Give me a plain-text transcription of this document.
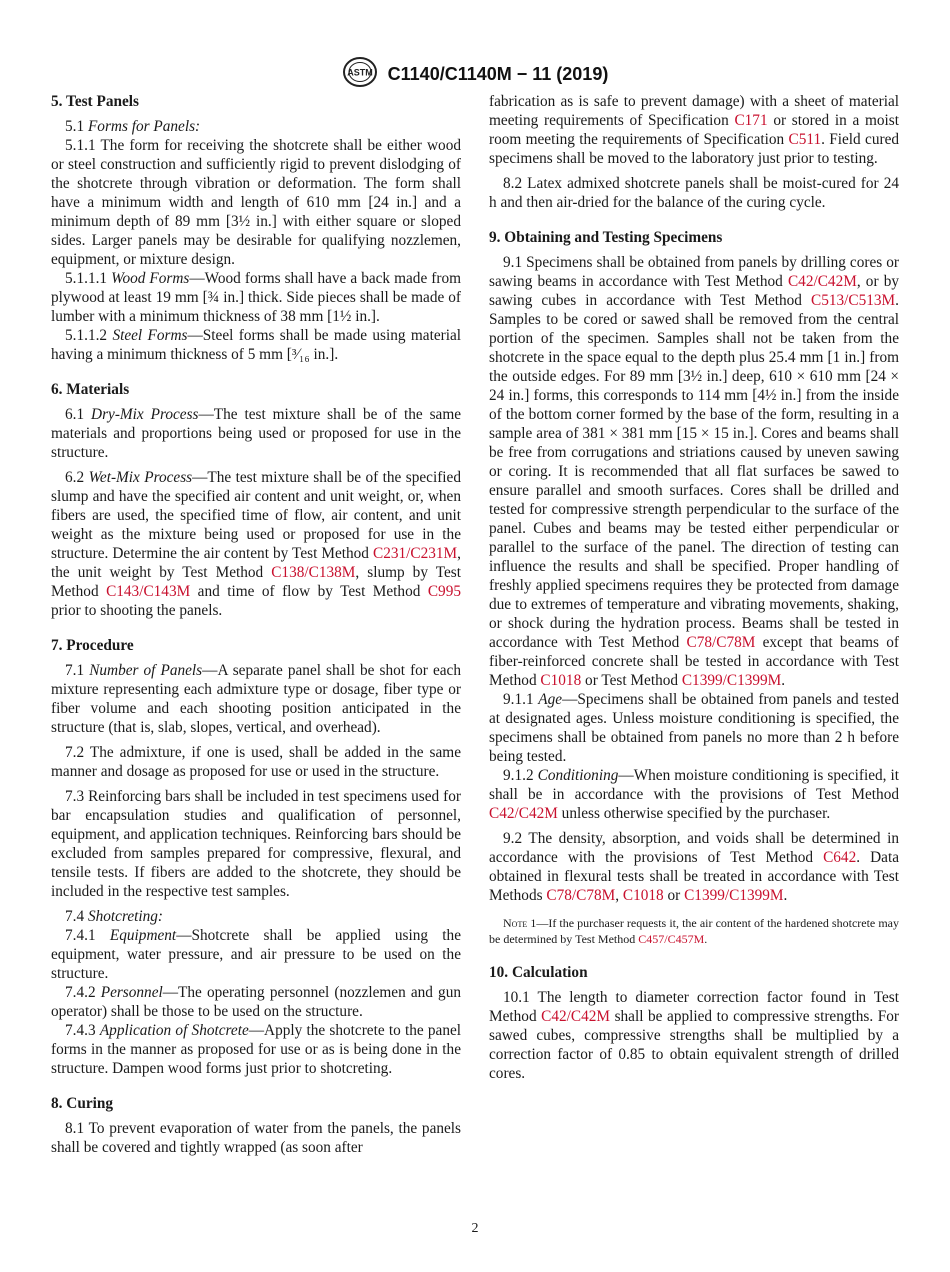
ASTM C1140/C1140M − 11 (2019)
5. Test Panels

5.1 Forms for Panels:

5.1.1 The form for receiving the shotcrete shall be either wood or steel construction and sufficiently rigid to prevent dislodging of the shotcrete through vibration or deformation. The form shall have a minimum width and length of 610 mm [24 in.] and a minimum depth of 89 mm [3½ in.] with either square or sloped sides. Larger panels may be desirable for qualifying nozzlemen, equipment, or mixture design.

5.1.1.1 Wood Forms—Wood forms shall have a back made from plywood at least 19 mm [¾ in.] thick. Side pieces shall be made of lumber with a minimum thickness of 38 mm [1½ in.].

5.1.1.2 Steel Forms—Steel forms shall be made using material having a minimum thickness of 5 mm [³⁄₁₆ in.].

6. Materials

6.1 Dry-Mix Process—The test mixture shall be of the same materials and proportions being used or proposed for use in the structure.

6.2 Wet-Mix Process—The test mixture shall be of the specified slump and have the specified air content and unit weight, or, when fibers are used, the specified time of flow, air content, and unit weight as the mixture being used or proposed for use in the structure. Determine the air content by Test Method C231/C231M, the unit weight by Test Method C138/C138M, slump by Test Method C143/C143M and time of flow by Test Method C995 prior to shooting the panels.

7. Procedure

7.1 Number of Panels—A separate panel shall be shot for each mixture representing each admixture type or dosage, fiber type or fiber volume and each shooting position anticipated in the structure (that is, slab, slopes, vertical, and overhead).

7.2 The admixture, if one is used, shall be added in the same manner and dosage as proposed for use or used in the structure.

7.3 Reinforcing bars shall be included in test specimens used for bar encapsulation studies and qualification of personnel, equipment, and application techniques. Reinforcing bars should be excluded from samples prepared for compressive, flexural, and tensile tests. If fibers are added to the shotcrete, they should be included in the respective test samples.

7.4 Shotcreting:

7.4.1 Equipment—Shotcrete shall be applied using the equipment, water pressure, and air pressure to be used on the structure.

7.4.2 Personnel—The operating personnel (nozzlemen and gun operator) shall be those to be used on the structure.

7.4.3 Application of Shotcrete—Apply the shotcrete to the panel forms in the manner as proposed for use or as is being done in the structure. Dampen wood forms just prior to shotcreting.

8. Curing

8.1 To prevent evaporation of water from the panels, the panels shall be covered and tightly wrapped (as soon after

fabrication as is safe to prevent damage) with a sheet of material meeting requirements of Specification C171 or stored in a moist room meeting the requirements of Specification C511. Field cured specimens shall be moved to the laboratory just prior to testing.

8.2 Latex admixed shotcrete panels shall be moist-cured for 24 h and then air-dried for the balance of the curing cycle.

9. Obtaining and Testing Specimens

9.1 Specimens shall be obtained from panels by drilling cores or sawing beams in accordance with Test Method C42/C42M, or by sawing cubes in accordance with Test Method C513/C513M. Samples to be cored or sawed shall be removed from the central portion of the specimen. Samples shall not be taken from the shotcrete in the space equal to the depth plus 25.4 mm [1 in.] from the outside edges. For 89 mm [3½ in.] deep, 610 × 610 mm [24 × 24 in.] forms, this corresponds to 114 mm [4½ in.] from the inside of the bottom corner formed by the base of the form, resulting in a sample area of 381 × 381 mm [15 × 15 in.]. Cores and beams shall be free from corrugations and striations caused by uneven sawing or coring. It is recommended that all flat surfaces be sawed to ensure parallel and smooth surfaces. Cores shall be drilled and tested for compressive strength perpendicular to the surface of the panel. Cubes and beams may be tested either perpendicular or parallel to the surface of the panel. The direction of testing can influence the results and shall be specified. Proper handling of freshly applied specimens requires they be protected from damage due to extremes of temperature and vibrating movements, shaking, or shock during the hydration process. Beams shall be tested in accordance with Test Method C78/C78M except that beams of fiber-reinforced concrete shall be tested in accordance with Test Method C1018 or Test Method C1399/C1399M.

9.1.1 Age—Specimens shall be obtained from panels and tested at designated ages. Unless moisture conditioning is specified, the specimens shall be obtained from panels no more than 2 h before being tested.

9.1.2 Conditioning—When moisture conditioning is specified, it shall be in accordance with the provisions of Test Method C42/C42M unless otherwise specified by the purchaser.

9.2 The density, absorption, and voids shall be determined in accordance with the provisions of Test Method C642. Data obtained in flexural tests shall be treated in accordance with Test Methods C78/C78M, C1018 or C1399/C1399M.

Note 1—If the purchaser requests it, the air content of the hardened shotcrete may be determined by Test Method C457/C457M.

10. Calculation

10.1 The length to diameter correction factor found in Test Method C42/C42M shall be applied to compressive strengths. For sawed cubes, compressive strengths shall be multiplied by a correction factor of 0.85 to obtain equivalent strength of drilled cores.

2
